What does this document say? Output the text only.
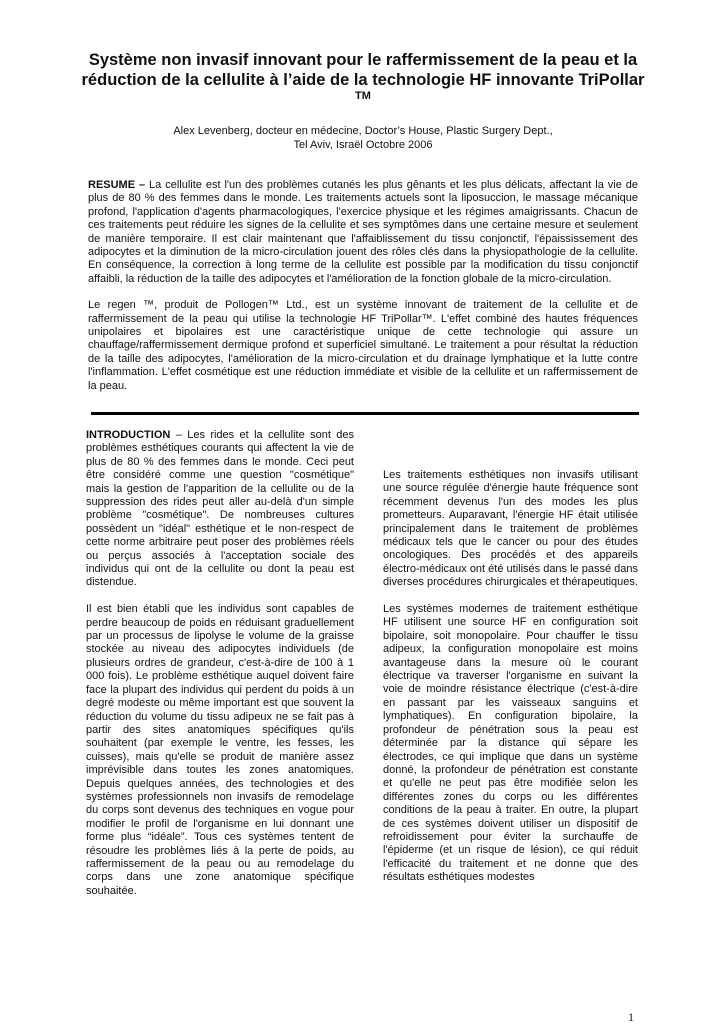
Système non invasif innovant pour le raffermissement de la peau et la réduction de la cellulite à l’aide de la technologie HF innovante TriPollar ™
Alex Levenberg, docteur en médecine, Doctor’s House, Plastic Surgery Dept.,
Tel Aviv, Israël Octobre 2006

RESUME – La cellulite est l'un des problèmes cutanés les plus gênants et les plus délicats, affectant la vie de plus de 80 % des femmes dans le monde. Les traitements actuels sont la liposuccion, le massage mécanique profond, l'application d'agents pharmacologiques, l'exercice physique et les régimes amaigrissants. Chacun de ces traitements peut réduire les signes de la cellulite et ses symptômes dans une certaine mesure et seulement de manière temporaire. Il est clair maintenant que l'affaiblissement du tissu conjonctif, l'épaississement des adipocytes et la diminution de la micro-circulation jouent des rôles clés dans la physiopathologie de la cellulite. En conséquence, la correction à long terme de la cellulite est possible par la modification du tissu conjonctif affaibli, la réduction de la taille des adipocytes et l'amélioration de la fonction globale de la micro-circulation.

Le regen ™, produit de Pollogen™ Ltd., est un système innovant de traitement de la cellulite et de raffermissement de la peau qui utilise la technologie HF TriPollar™. L'effet combiné des hautes fréquences unipolaires et bipolaires est une caractéristique unique de cette technologie qui assure un chauffage/raffermissement dermique profond et superficiel simultané. Le traitement a pour résultat la réduction de la taille des adipocytes, l'amélioration de la micro-circulation et du drainage lymphatique et la lutte contre l'inflammation. L'effet cosmétique est une réduction immédiate et visible de la cellulite et un raffermissement de la peau.

INTRODUCTION – Les rides et la cellulite sont des problèmes esthétiques courants qui affectent la vie de plus de 80 % des femmes dans le monde. Ceci peut être considéré comme une question "cosmétique" mais la gestion de l'apparition de la cellulite ou de la suppression des rides peut aller au-delà d'un simple problème "cosmétique". De nombreuses cultures possèdent un "idéal" esthétique et le non-respect de cette norme arbitraire peut poser des problèmes réels ou perçus associés à l'acceptation sociale des individus qui ont de la cellulite ou dont la peau est distendue.

Il est bien établi que les individus sont capables de perdre beaucoup de poids en réduisant graduellement par un processus de lipolyse le volume de la graisse stockée au niveau des adipocytes individuels (de plusieurs ordres de grandeur, c'est-à-dire de 100 à 1 000 fois). Le problème esthétique auquel doivent faire face la plupart des individus qui perdent du poids à un degré modeste ou même important est que souvent la réduction du volume du tissu adipeux ne se fait pas à partir des sites anatomiques spécifiques qu'ils souhaitent (par exemple le ventre, les fesses, les cuisses), mais qu'elle se produit de manière assez imprévisible dans toutes les zones anatomiques. Depuis quelques années, des technologies et des systèmes professionnels non invasifs de remodelage du corps sont devenus des techniques en vogue pour modifier le profil de l'organisme en lui donnant une forme plus “idéale”. Tous ces systèmes tentent de résoudre les problèmes liés à la perte de poids, au raffermissement de la peau ou au remodelage du corps dans une zone anatomique spécifique souhaitée.

Les traitements esthétiques non invasifs utilisant une source régulée d'énergie haute fréquence sont récemment devenus l'un des modes les plus prometteurs. Auparavant, l'énergie HF était utilisée principalement dans le traitement de problèmes médicaux tels que le cancer ou pour des études oncologiques. Des procédés et des appareils électro-médicaux ont été utilisés dans le passé dans diverses procédures chirurgicales et thérapeutiques.

Les systèmes modernes de traitement esthétique HF utilisent une source HF en configuration soit bipolaire, soit monopolaire. Pour chauffer le tissu adipeux, la configuration monopolaire est moins avantageuse dans la mesure où le courant électrique va traverser l'organisme en suivant la voie de moindre résistance électrique (c'est-à-dire en passant par les vaisseaux sanguins et lymphatiques). En configuration bipolaire, la profondeur de pénétration sous la peau est déterminée par la distance qui sépare les électrodes, ce qui implique que dans un système donné, la profondeur de pénétration est constante et qu'elle ne peut pas être modifiée selon les différentes zones du corps ou les différentes conditions de la peau à traiter. En outre, la plupart de ces systèmes doivent utiliser un dispositif de refroidissement pour éviter la surchauffe de l'épiderme (et un risque de lésion), ce qui réduit l'efficacité du traitement et ne donne que des résultats esthétiques modestes

1
